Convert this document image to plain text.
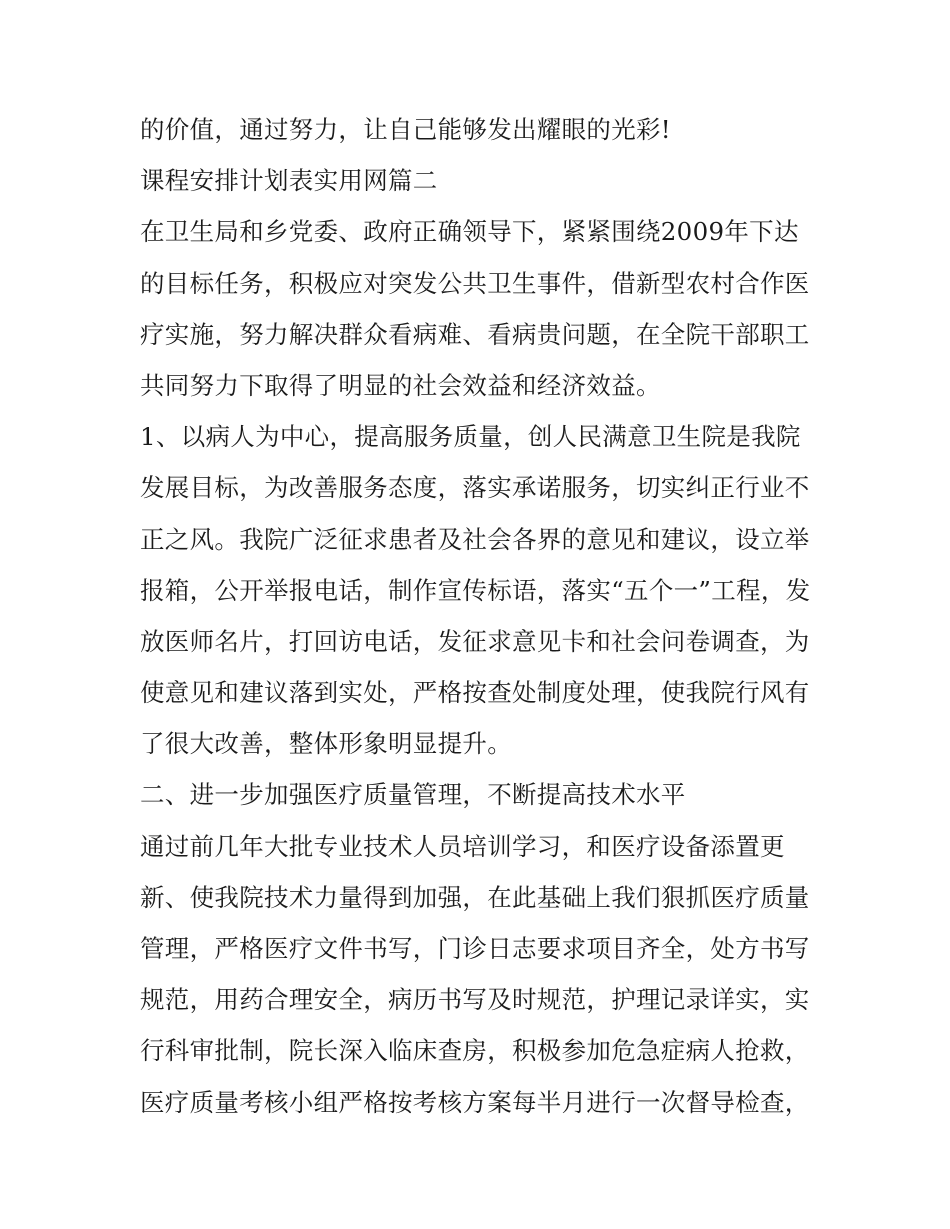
的价值，通过努力，让自己能够发出耀眼的光彩!
课程安排计划表实用网篇二
在卫生局和乡党委、政府正确领导下，紧紧围绕2009年下达
的目标任务，积极应对突发公共卫生事件，借新型农村合作医
疗实施，努力解决群众看病难、看病贵问题，在全院干部职工
共同努力下取得了明显的社会效益和经济效益。
1、以病人为中心，提高服务质量，创人民满意卫生院是我院
发展目标，为改善服务态度，落实承诺服务，切实纠正行业不
正之风。我院广泛征求患者及社会各界的意见和建议，设立举
报箱，公开举报电话，制作宣传标语，落实“五个一”工程，发
放医师名片，打回访电话，发征求意见卡和社会问卷调查，为
使意见和建议落到实处，严格按查处制度处理，使我院行风有
了很大改善，整体形象明显提升。
二、进一步加强医疗质量管理，不断提高技术水平
通过前几年大批专业技术人员培训学习，和医疗设备添置更
新、使我院技术力量得到加强，在此基础上我们狠抓医疗质量
管理，严格医疗文件书写，门诊日志要求项目齐全，处方书写
规范，用药合理安全，病历书写及时规范，护理记录详实，实
行科审批制，院长深入临床查房，积极参加危急症病人抢救，
医疗质量考核小组严格按考核方案每半月进行一次督导检查，
